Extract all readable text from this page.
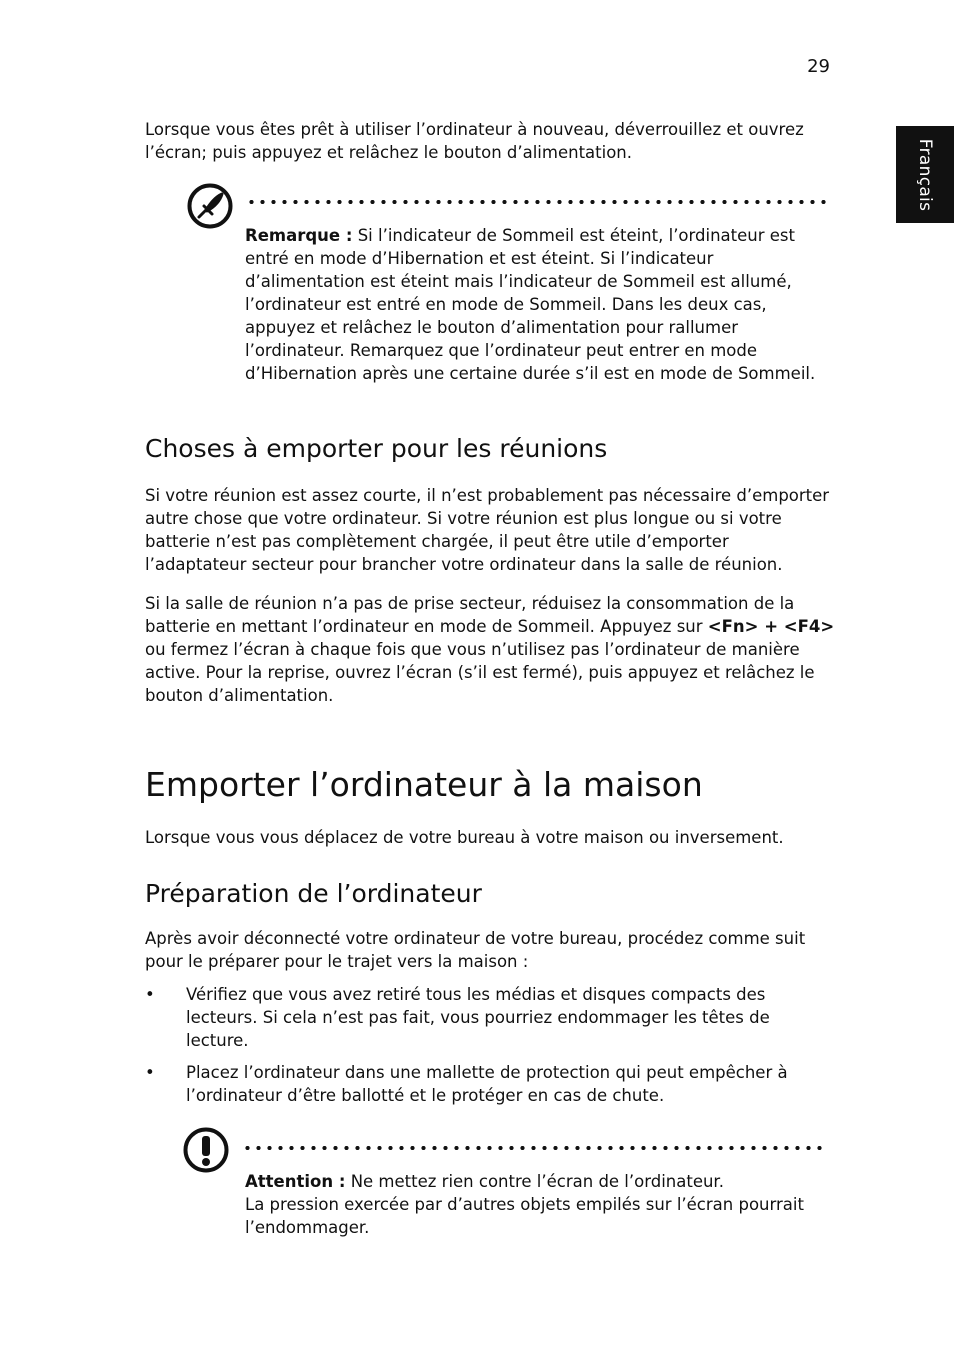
29
Français

Lorsque vous êtes prêt à utiliser l’ordinateur à nouveau, déverrouillez et ouvrez l’écran; puis appuyez et relâchez le bouton d’alimentation.

Remarque : Si l’indicateur de Sommeil est éteint, l’ordinateur est entré en mode d’Hibernation et est éteint. Si l’indicateur d’alimentation est éteint mais l’indicateur de Sommeil est allumé, l’ordinateur est entré en mode de Sommeil. Dans les deux cas, appuyez et relâchez le bouton d’alimentation pour rallumer l’ordinateur. Remarquez que l’ordinateur peut entrer en mode d’Hibernation après une certaine durée s’il est en mode de Sommeil.

Choses à emporter pour les réunions

Si votre réunion est assez courte, il n’est probablement pas nécessaire d’emporter autre chose que votre ordinateur. Si votre réunion est plus longue ou si votre batterie n’est pas complètement chargée, il peut être utile d’emporter l’adaptateur secteur pour brancher votre ordinateur dans la salle de réunion.

Si la salle de réunion n’a pas de prise secteur, réduisez la consommation de la batterie en mettant l’ordinateur en mode de Sommeil. Appuyez sur <Fn> + <F4> ou fermez l’écran à chaque fois que vous n’utilisez pas l’ordinateur de manière active. Pour la reprise, ouvrez l’écran (s’il est fermé), puis appuyez et relâchez le bouton d’alimentation.

Emporter l’ordinateur à la maison

Lorsque vous vous déplacez de votre bureau à votre maison ou inversement.

Préparation de l’ordinateur

Après avoir déconnecté votre ordinateur de votre bureau, procédez comme suit pour le préparer pour le trajet vers la maison :

• Vérifiez que vous avez retiré tous les médias et disques compacts des lecteurs. Si cela n’est pas fait, vous pourriez endommager les têtes de lecture.
• Placez l’ordinateur dans une mallette de protection qui peut empêcher à l’ordinateur d’être ballotté et le protéger en cas de chute.

Attention : Ne mettez rien contre l’écran de l’ordinateur.

La pression exercée par d’autres objets empilés sur l’écran pourrait l’endommager.
